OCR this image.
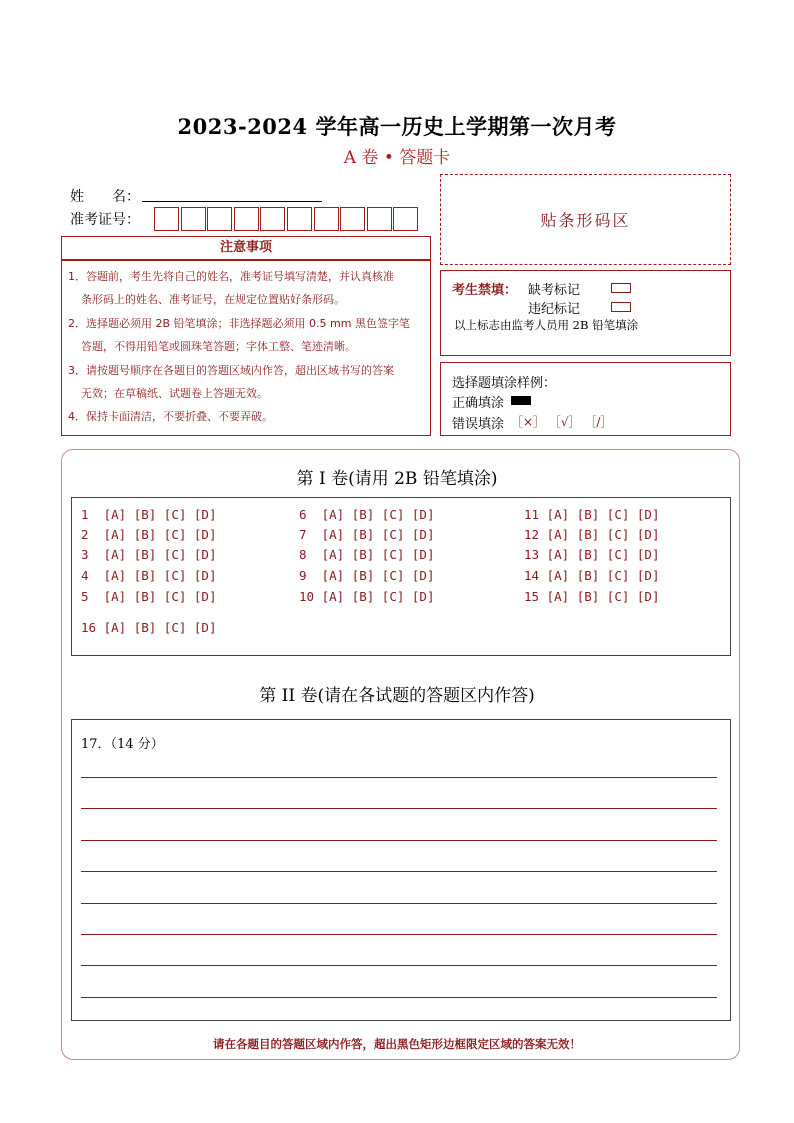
2023-2024 学年高一历史上学期第一次月考
A 卷 • 答题卡
姓　　名：
准考证号：	贴条形码区
注意事项

1．答题前，考生先将自己的姓名，准考证号填写清楚，并认真核准

条形码上的姓名、准考证号，在规定位置贴好条形码。

2．选择题必须用 2B 铅笔填涂；非选择题必须用 0.5 mm 黑色签字笔

答题，不得用铅笔或圆珠笔答题；字体工整、笔迹清晰。

3．请按题号顺序在各题目的答题区域内作答，超出区域书写的答案

无效；在草稿纸、试题卷上答题无效。

4．保持卡面清洁，不要折叠、不要弄破。

考生禁填： 缺考标记
违纪标记
以上标志由监考人员用 2B 铅笔填涂
选择题填涂样例：
正确填涂
错误填涂 ［×］ ［√］ ［/］
第 I 卷(请用 2B 铅笔填涂)
1  [A] [B] [C] [D]
2  [A] [B] [C] [D]
3  [A] [B] [C] [D]
4  [A] [B] [C] [D]
5  [A] [B] [C] [D]
6  [A] [B] [C] [D]
7  [A] [B] [C] [D]
8  [A] [B] [C] [D]
9  [A] [B] [C] [D]
10 [A] [B] [C] [D]
11 [A] [B] [C] [D]
12 [A] [B] [C] [D]
13 [A] [B] [C] [D]
14 [A] [B] [C] [D]
15 [A] [B] [C] [D]
16 [A] [B] [C] [D]
第 II 卷(请在各试题的答题区内作答)
17．（14 分）
请在各题目的答题区域内作答，超出黑色矩形边框限定区域的答案无效！
